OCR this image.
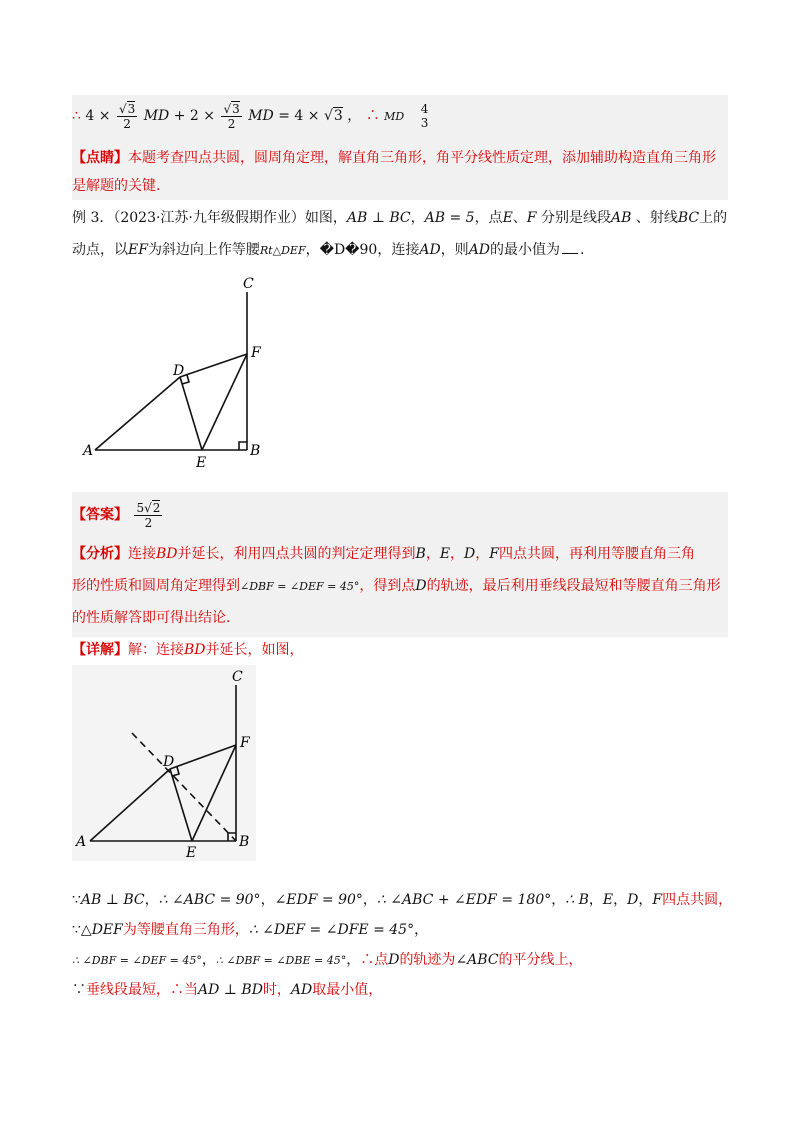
∴ $4 \times \frac{√3}{2}$ MD + $2 \times \frac{√3}{2}$ MD = 4 × √3 ， ∴ MD
4
3
【点睛】本题考查四点共圆，圆周角定理，解直角三角形，角平分线性质定理，添加辅助构造直角三角形
是解题的关键.
例 3．（2023·江苏·九年级假期作业）如图，AB ⊥ BC，AB = 5，点E、F 分别是线段AB 、射线BC上的
动点，以EF为斜边向上作等腰Rt△DEF，�D�90，连接AD，则AD的最小值为 .
C
F
D
A
E
B
【答案】 $\frac{5√2}{2}$
【分析】连接BD并延长，利用四点共圆的判定定理得到B，E，D，F四点共圆，再利用等腰直角三角
形的性质和圆周角定理得到∠DBF = ∠DEF = 45°，得到点D的轨迹，最后利用垂线段最短和等腰直角三角形
的性质解答即可得出结论.
【详解】解：连接BD并延长，如图，
C
F
D
A
E
B
∵AB ⊥ BC，∴ ∠ABC = 90°，∠EDF = 90°，∴ ∠ABC + ∠EDF = 180°，∴ B，E，D，F四点共圆，
∵△DEF为等腰直角三角形，∴ ∠DEF = ∠DFE = 45°，
∴ ∠DBF = ∠DEF = 45°，∴ ∠DBF = ∠DBE = 45°，∴点D的轨迹为∠ABC的平分线上，
∵垂线段最短，∴当AD ⊥ BD时，AD取最小值，
